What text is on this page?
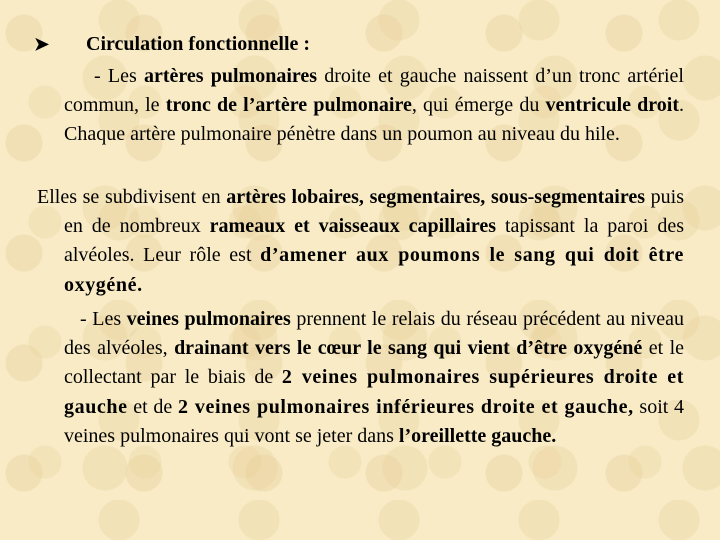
➤ Circulation fonctionnelle :
- Les artères pulmonaires droite et gauche naissent d’un tronc artériel commun, le tronc de l’artère pulmonaire, qui émerge du ventricule droit. Chaque artère pulmonaire pénètre dans un poumon au niveau du hile.
Elles se subdivisent en artères lobaires, segmentaires, sous-segmentaires puis en de nombreux rameaux et vaisseaux capillaires tapissant la paroi des alvéoles. Leur rôle est d’amener aux poumons le sang qui doit être oxygéné.
- Les veines pulmonaires prennent le relais du réseau précédent au niveau des alvéoles, drainant vers le cœur le sang qui vient d’être oxygéné et le collectant par le biais de 2 veines pulmonaires supérieures droite et gauche et de 2 veines pulmonaires inférieures droite et gauche, soit 4 veines pulmonaires qui vont se jeter dans l’oreillette gauche.
